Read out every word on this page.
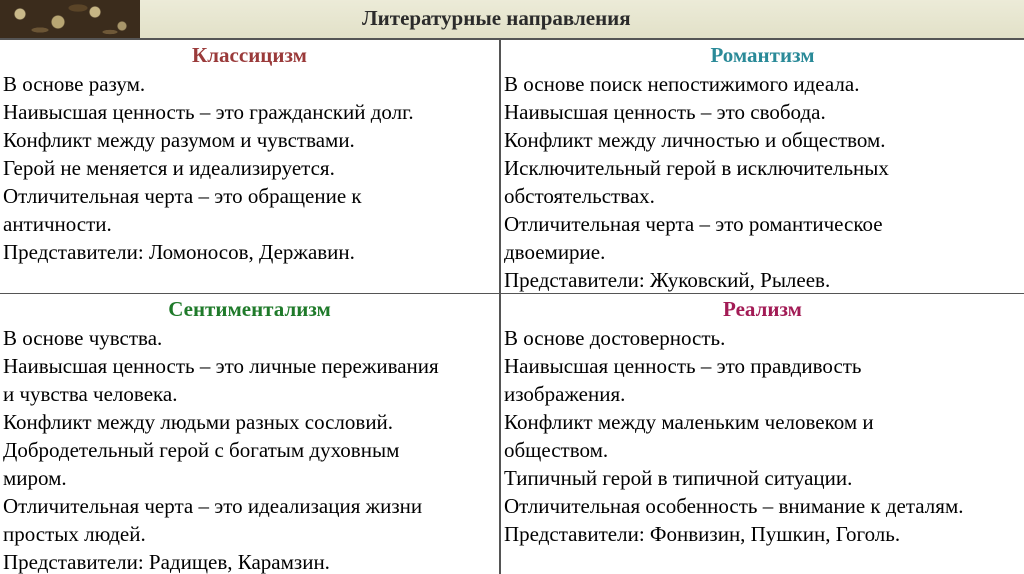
Литературные направления
Классицизм
В основе разум.
Наивысшая ценность – это гражданский долг.
Конфликт между разумом и чувствами.
Герой не меняется и идеализируется.
Отличительная черта – это обращение к
античности.
Представители: Ломоносов, Державин.
Романтизм
В основе поиск непостижимого идеала.
Наивысшая ценность – это свобода.
Конфликт между личностью и обществом.
Исключительный герой в исключительных
обстоятельствах.
Отличительная черта – это романтическое
двоемирие.
Представители: Жуковский, Рылеев.
Сентиментализм
В основе чувства.
Наивысшая ценность – это личные переживания
и чувства человека.
Конфликт между людьми разных сословий.
Добродетельный герой с богатым духовным
миром.
Отличительная черта – это идеализация жизни
простых людей.
Представители: Радищев, Карамзин.
Реализм
В основе достоверность.
Наивысшая ценность – это правдивость
изображения.
Конфликт между маленьким человеком и
обществом.
Типичный герой в типичной ситуации.
Отличительная особенность – внимание к деталям.
Представители: Фонвизин, Пушкин, Гоголь.
